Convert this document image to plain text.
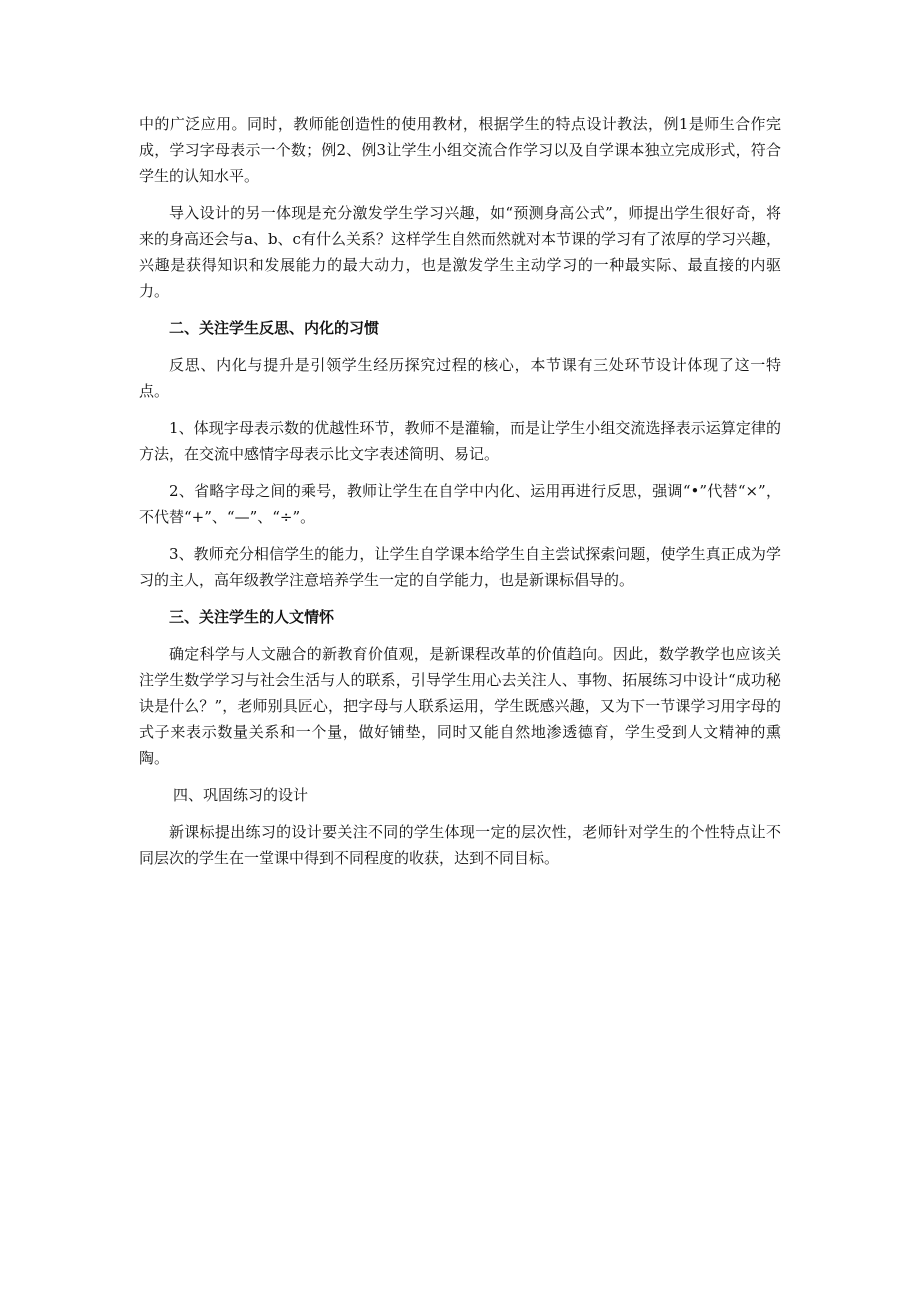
中的广泛应用。同时，教师能创造性的使用教材，根据学生的特点设计教法，例1是师生合作完成，学习字母表示一个数；例2、例3让学生小组交流合作学习以及自学课本独立完成形式，符合学生的认知水平。

导入设计的另一体现是充分激发学生学习兴趣，如“预测身高公式”，师提出学生很好奇，将来的身高还会与a、b、c有什么关系？这样学生自然而然就对本节课的学习有了浓厚的学习兴趣，兴趣是获得知识和发展能力的最大动力，也是激发学生主动学习的一种最实际、最直接的内驱力。

二、关注学生反思、内化的习惯

反思、内化与提升是引领学生经历探究过程的核心，本节课有三处环节设计体现了这一特点。

1、体现字母表示数的优越性环节，教师不是灌输，而是让学生小组交流选择表示运算定律的方法，在交流中感情字母表示比文字表述简明、易记。

2、省略字母之间的乘号，教师让学生在自学中内化、运用再进行反思，强调“•”代替“×”，不代替“+”、“—”、“÷”。

3、教师充分相信学生的能力，让学生自学课本给学生自主尝试探索问题，使学生真正成为学习的主人，高年级教学注意培养学生一定的自学能力，也是新课标倡导的。

三、关注学生的人文情怀

确定科学与人文融合的新教育价值观，是新课程改革的价值趋向。因此，数学教学也应该关注学生数学学习与社会生活与人的联系，引导学生用心去关注人、事物、拓展练习中设计“成功秘诀是什么？”，老师别具匠心，把字母与人联系运用，学生既感兴趣，又为下一节课学习用字母的式子来表示数量关系和一个量，做好铺垫，同时又能自然地渗透德育，学生受到人文精神的熏陶。

四、巩固练习的设计

新课标提出练习的设计要关注不同的学生体现一定的层次性，老师针对学生的个性特点让不同层次的学生在一堂课中得到不同程度的收获，达到不同目标。
